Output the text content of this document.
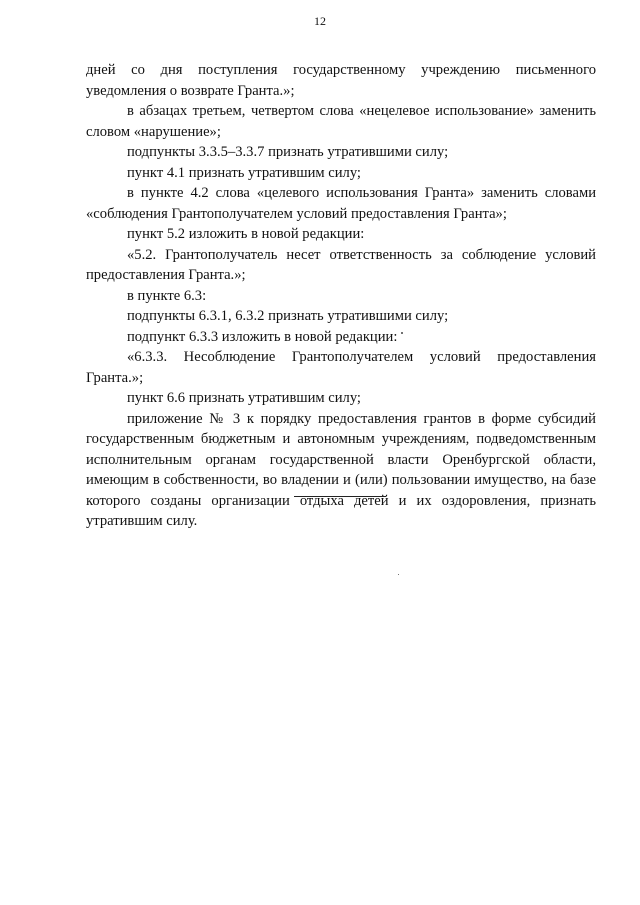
12

дней со дня поступления государственному учреждению письменного уведомления о возврате Гранта.»;

в абзацах третьем, четвертом слова «нецелевое использование» заменить словом «нарушение»;

подпункты 3.3.5–3.3.7 признать утратившими силу;

пункт 4.1 признать утратившим силу;

в пункте 4.2 слова «целевого использования Гранта» заменить словами «соблюдения Грантополучателем условий предоставления Гранта»;

пункт 5.2 изложить в новой редакции:

«5.2. Грантополучатель несет ответственность за соблюдение условий предоставления Гранта.»;

в пункте 6.3:

подпункты 6.3.1, 6.3.2 признать утратившими силу;

подпункт 6.3.3 изложить в новой редакции:

«6.3.3. Несоблюдение Грантополучателем условий предоставления Гранта.»;

пункт 6.6 признать утратившим силу;

приложение № 3 к порядку предоставления грантов в форме субсидий государственным бюджетным и автономным учреждениям, подведомственным исполнительным органам государственной власти Оренбургской области, имеющим в собственности, во владении и (или) пользовании имущество, на базе которого созданы организации отдыха детей и их оздоровления, признать утратившим силу.
